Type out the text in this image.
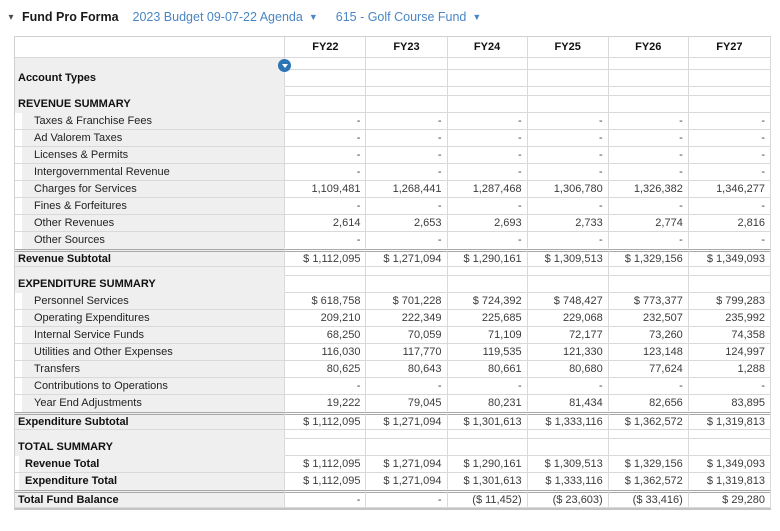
▾ Fund Pro Forma 2023 Budget 09-07-22 Agenda ▼ 615 - Golf Course Fund ▼
	FY22	FY23	FY24	FY25	FY26	FY27

Account Types						

REVENUE SUMMARY						
Taxes & Franchise Fees	-	-	-	-	-	-
Ad Valorem Taxes	-	-	-	-	-	-
Licenses & Permits	-	-	-	-	-	-
Intergovernmental Revenue	-	-	-	-	-	-
Charges for Services	1,109,481	1,268,441	1,287,468	1,306,780	1,326,382	1,346,277
Fines & Forfeitures	-	-	-	-	-	-
Other Revenues	2,614	2,653	2,693	2,733	2,774	2,816
Other Sources	-	-	-	-	-	-
Revenue Subtotal	$ 1,112,095	$ 1,271,094	$ 1,290,161	$ 1,309,513	$ 1,329,156	$ 1,349,093

EXPENDITURE SUMMARY						
Personnel Services	$ 618,758	$ 701,228	$ 724,392	$ 748,427	$ 773,377	$ 799,283
Operating Expenditures	209,210	222,349	225,685	229,068	232,507	235,992
Internal Service Funds	68,250	70,059	71,109	72,177	73,260	74,358
Utilities and Other Expenses	116,030	117,770	119,535	121,330	123,148	124,997
Transfers	80,625	80,643	80,661	80,680	77,624	1,288
Contributions to Operations	-	-	-	-	-	-
Year End Adjustments	19,222	79,045	80,231	81,434	82,656	83,895
Expenditure Subtotal	$ 1,112,095	$ 1,271,094	$ 1,301,613	$ 1,333,116	$ 1,362,572	$ 1,319,813

TOTAL SUMMARY						
Revenue Total	$ 1,112,095	$ 1,271,094	$ 1,290,161	$ 1,309,513	$ 1,329,156	$ 1,349,093
Expenditure Total	$ 1,112,095	$ 1,271,094	$ 1,301,613	$ 1,333,116	$ 1,362,572	$ 1,319,813
Total Fund Balance	-	-	($ 11,452)	($ 23,603)	($ 33,416)	$ 29,280
